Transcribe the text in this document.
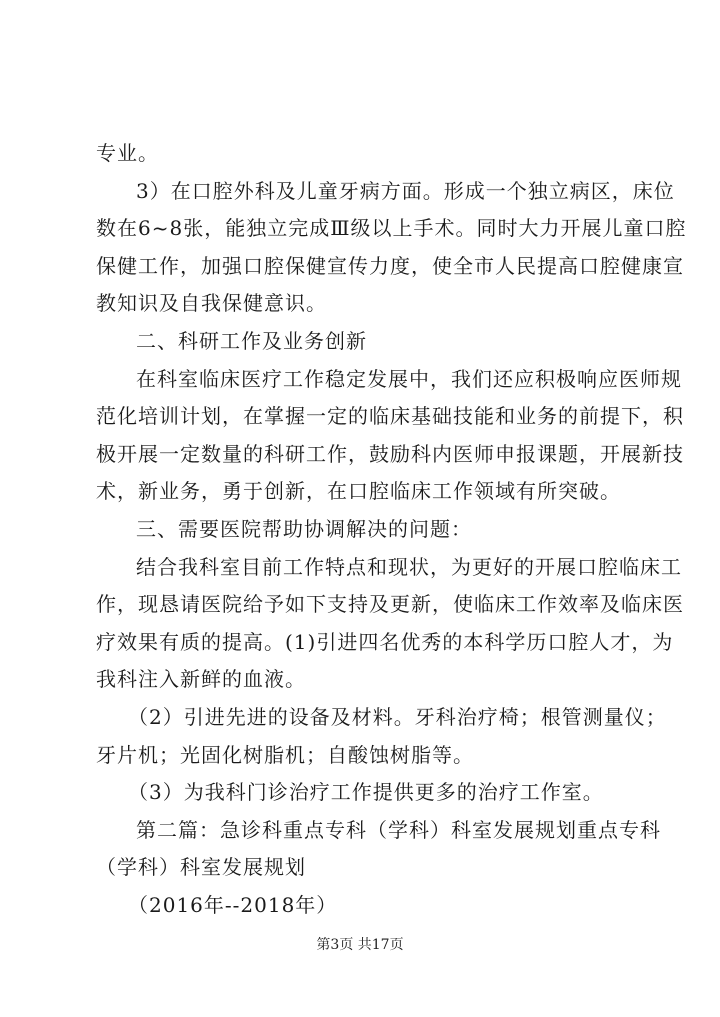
专业。
3）在口腔外科及儿童牙病方面。形成一个独立病区，床位
数在6~8张，能独立完成Ⅲ级以上手术。同时大力开展儿童口腔
保健工作，加强口腔保健宣传力度，使全市人民提高口腔健康宣
教知识及自我保健意识。
二、科研工作及业务创新
在科室临床医疗工作稳定发展中，我们还应积极响应医师规
范化培训计划，在掌握一定的临床基础技能和业务的前提下，积
极开展一定数量的科研工作，鼓励科内医师申报课题，开展新技
术，新业务，勇于创新，在口腔临床工作领域有所突破。
三、需要医院帮助协调解决的问题：
结合我科室目前工作特点和现状，为更好的开展口腔临床工
作，现恳请医院给予如下支持及更新，使临床工作效率及临床医
疗效果有质的提高。(1)引进四名优秀的本科学历口腔人才，为
我科注入新鲜的血液。
（2）引进先进的设备及材料。牙科治疗椅；根管测量仪；
牙片机；光固化树脂机；自酸蚀树脂等。
（3）为我科门诊治疗工作提供更多的治疗工作室。
第二篇：急诊科重点专科（学科）科室发展规划重点专科
（学科）科室发展规划
（2016年--2018年）
第3页 共17页
